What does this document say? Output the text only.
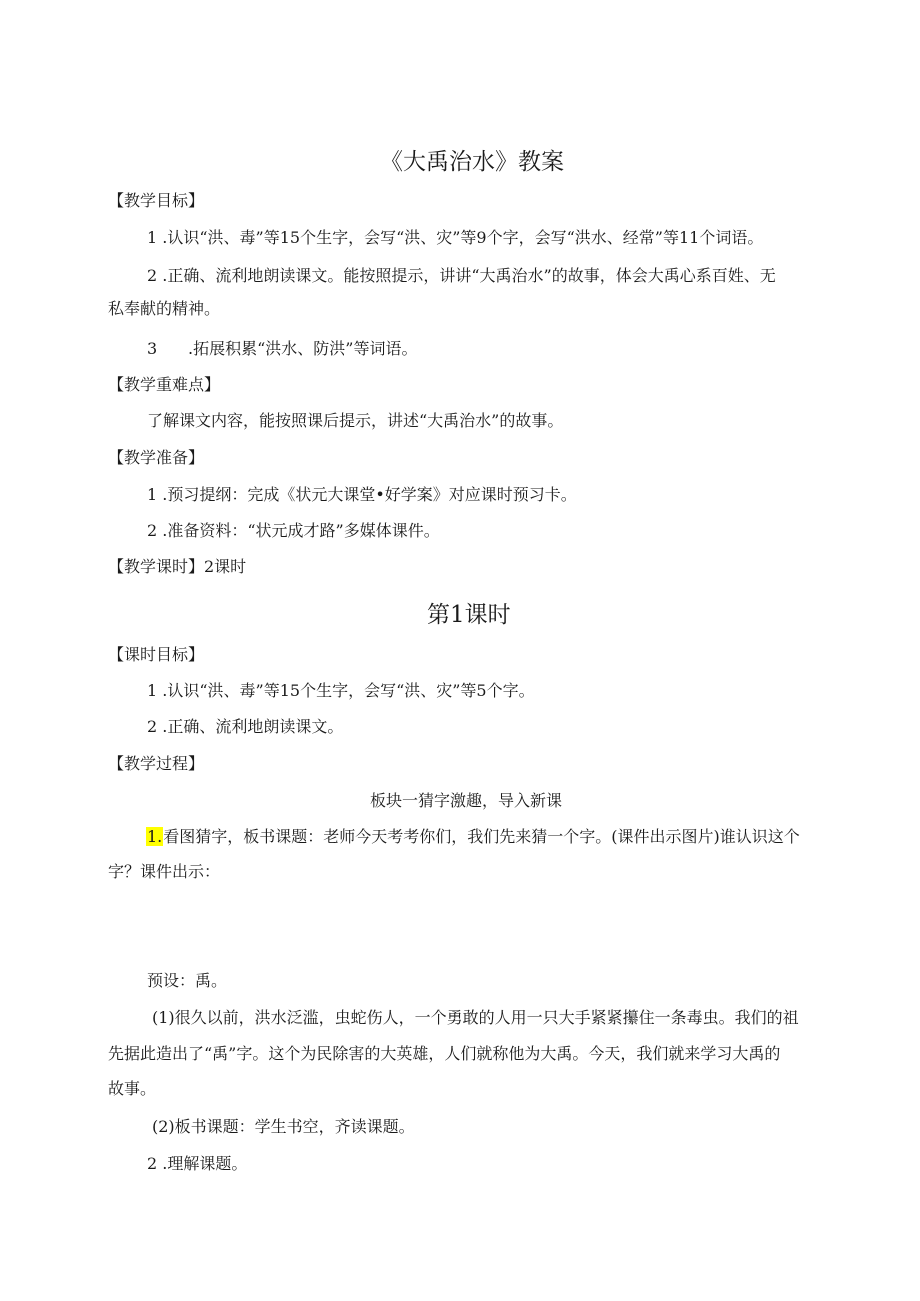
《大禹治水》教案
【教学目标】
1 .认识“洪、毒”等15个生字，会写“洪、灾”等9个字，会写“洪水、经常”等11个词语。
2 .正确、流利地朗读课文。能按照提示，讲讲“大禹治水”的故事，体会大禹心系百姓、无
私奉献的精神。
3 .拓展积累“洪水、防洪”等词语。
【教学重难点】
了解课文内容，能按照课后提示，讲述“大禹治水”的故事。
【教学准备】
1 .预习提纲：完成《状元大课堂•好学案》对应课时预习卡。
2 .准备资料：“状元成才路”多媒体课件。
【教学课时】2课时
第1课时
【课时目标】
1 .认识“洪、毒”等15个生字，会写“洪、灾”等5个字。
2 .正确、流利地朗读课文。
【教学过程】
板块一猜字激趣，导入新课
1.看图猜字，板书课题：老师今天考考你们，我们先来猜一个字。(课件出示图片)谁认识这个
字？课件出示：
预设：禹。
(1)很久以前，洪水泛滥，虫蛇伤人，一个勇敢的人用一只大手紧紧攥住一条毒虫。我们的祖
先据此造出了“禹”字。这个为民除害的大英雄，人们就称他为大禹。今天，我们就来学习大禹的
故事。
(2)板书课题：学生书空，齐读课题。
2 .理解课题。
